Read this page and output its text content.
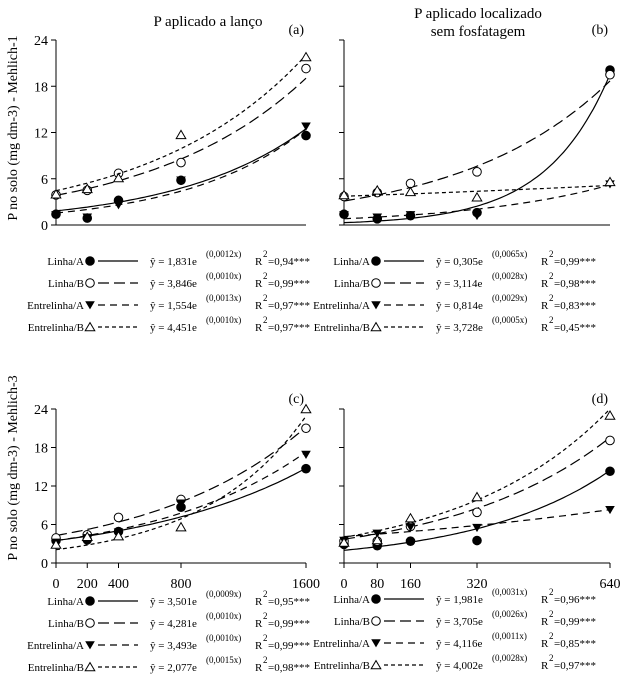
P aplicado a lanço	P aplicado localizado
sem fosfatagem
P no solo (mg dm-3) - Mehlich-1
P no solo (mg dm-3) - Mehlich-3
0
6
12
18
24
(a)
Linha/A	ŷ = 1,831e
(0,0012x)
R
2
=0,94***
Linha/B	ŷ = 3,846e
(0,0010x)
R
2
=0,99***
Entrelinha/A	ŷ = 1,554e
(0,0013x)
R
2
=0,97***
Entrelinha/B	ŷ = 4,451e
(0,0010x)
R
2
=0,97***
(b)
Linha/A	ŷ = 0,305e
(0,0065x)
R
2
=0,99***
Linha/B	ŷ = 3,114e
(0,0028x)
R
2
=0,98***
Entrelinha/A	ŷ = 0,814e
(0,0029x)
R
2
=0,83***
Entrelinha/B	ŷ = 3,728e
(0,0005x)
R
2
=0,45***
0
6
12
18
24
0 200 400	800	1600
(c)
Linha/A	ŷ = 3,501e
(0,0009x)
R
2
=0,95***
Linha/B	ŷ = 4,281e
(0,0010x)
R
2
=0,99***
Entrelinha/A	ŷ = 3,493e
(0,0010x)
R
2
=0,99***
Entrelinha/B	ŷ = 2,077e
(0,0015x)
R
2
=0,98***
0 80 160	320	640
(d)
Linha/A	ŷ = 1,981e
(0,0031x)
R
2
=0,96***
Linha/B	ŷ = 3,705e
(0,0026x)
R
2
=0,99***
Entrelinha/A	ŷ = 4,116e
(0,0011x)
R
2
=0,85***
Entrelinha/B	ŷ = 4,002e
(0,0028x)
R
2
=0,97***
